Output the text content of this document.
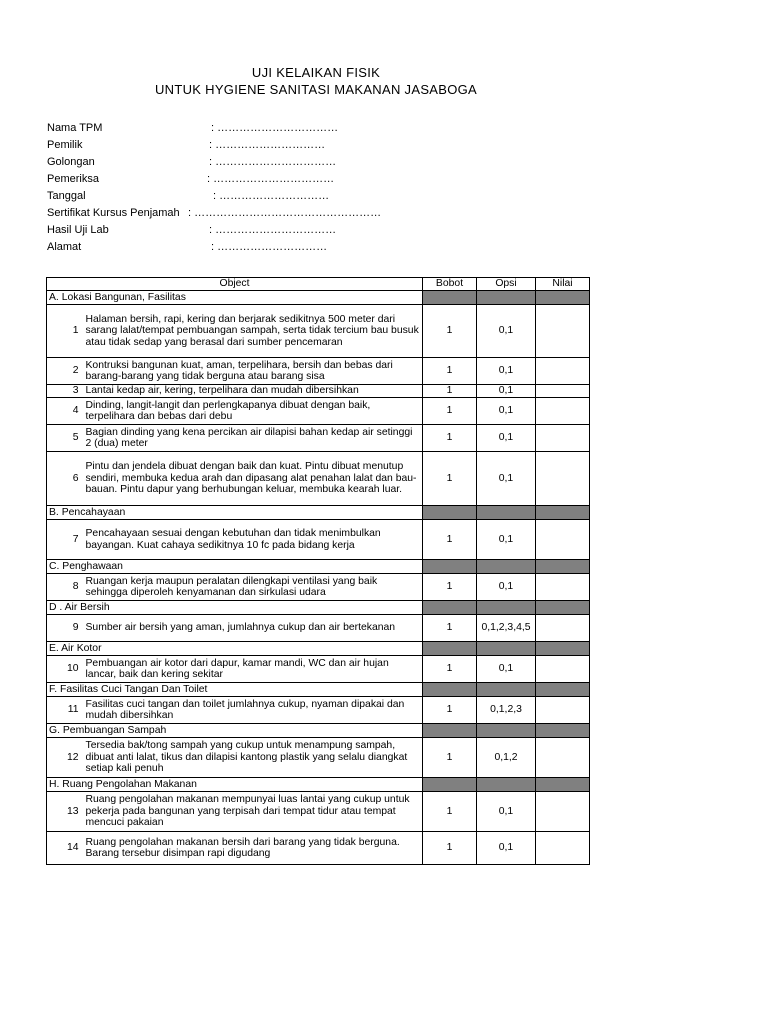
UJI KELAIKAN FISIK
UNTUK HYGIENE SANITASI MAKANAN JASABOGA
Nama TPM	: ……………………………
Pemilik	: …………………………
Golongan	: ……………………………
Pemeriksa	: ……………………………
Tanggal	: …………………………
Sertifikat Kursus Penjamah : ……………………………………………
Hasil Uji Lab	: ……………………………
Alamat	: …………………………
Object		Bobot	Opsi	Nilai
A. Lokasi Bangunan, Fasilitas				
1	Halaman bersih, rapi, kering dan berjarak sedikitnya 500 meter dari sarang lalat/tempat pembuangan sampah, serta tidak tercium bau busuk atau tidak sedap yang berasal dari sumber pencemaran	1	0,1	
2	Kontruksi bangunan kuat, aman, terpelihara, bersih dan bebas dari barang-barang yang tidak berguna atau barang sisa	1	0,1	
3	Lantai kedap air, kering, terpelihara dan mudah dibersihkan	1	0,1	
4	Dinding, langit-langit dan perlengkapanya dibuat dengan baik, terpelihara dan bebas dari debu	1	0,1	
5	Bagian dinding yang kena percikan air dilapisi bahan kedap air setinggi 2 (dua) meter	1	0,1	
6	Pintu dan jendela dibuat dengan baik dan kuat. Pintu dibuat menutup sendiri, membuka kedua arah dan dipasang alat penahan lalat dan bau-bauan. Pintu dapur yang berhubungan keluar, membuka kearah luar.	1	0,1	
B. Pencahayaan				
7	Pencahayaan sesuai dengan kebutuhan dan tidak menimbulkan bayangan. Kuat cahaya sedikitnya 10 fc pada bidang kerja	1	0,1	
C. Penghawaan				
8	Ruangan kerja maupun peralatan dilengkapi ventilasi yang baik sehingga diperoleh kenyamanan dan sirkulasi udara	1	0,1	
D . Air Bersih				
9	Sumber air bersih yang aman, jumlahnya cukup dan air bertekanan	1	0,1,2,3,4,5	
E. Air Kotor				
10	Pembuangan air kotor dari dapur, kamar mandi, WC dan air hujan lancar, baik dan kering sekitar	1	0,1	
F. Fasilitas Cuci Tangan Dan Toilet				
11	Fasilitas cuci tangan dan toilet jumlahnya cukup, nyaman dipakai dan mudah dibersihkan	1	0,1,2,3	
G. Pembuangan Sampah				
12	Tersedia bak/tong sampah yang cukup untuk menampung sampah, dibuat anti lalat, tikus dan dilapisi kantong plastik yang selalu diangkat setiap kali penuh	1	0,1,2	
H. Ruang Pengolahan Makanan				
13	Ruang pengolahan makanan mempunyai luas lantai yang cukup untuk pekerja pada bangunan yang terpisah dari tempat tidur atau tempat mencuci pakaian	1	0,1	
14	Ruang pengolahan makanan bersih dari barang yang tidak berguna. Barang tersebur disimpan rapi digudang	1	0,1	
